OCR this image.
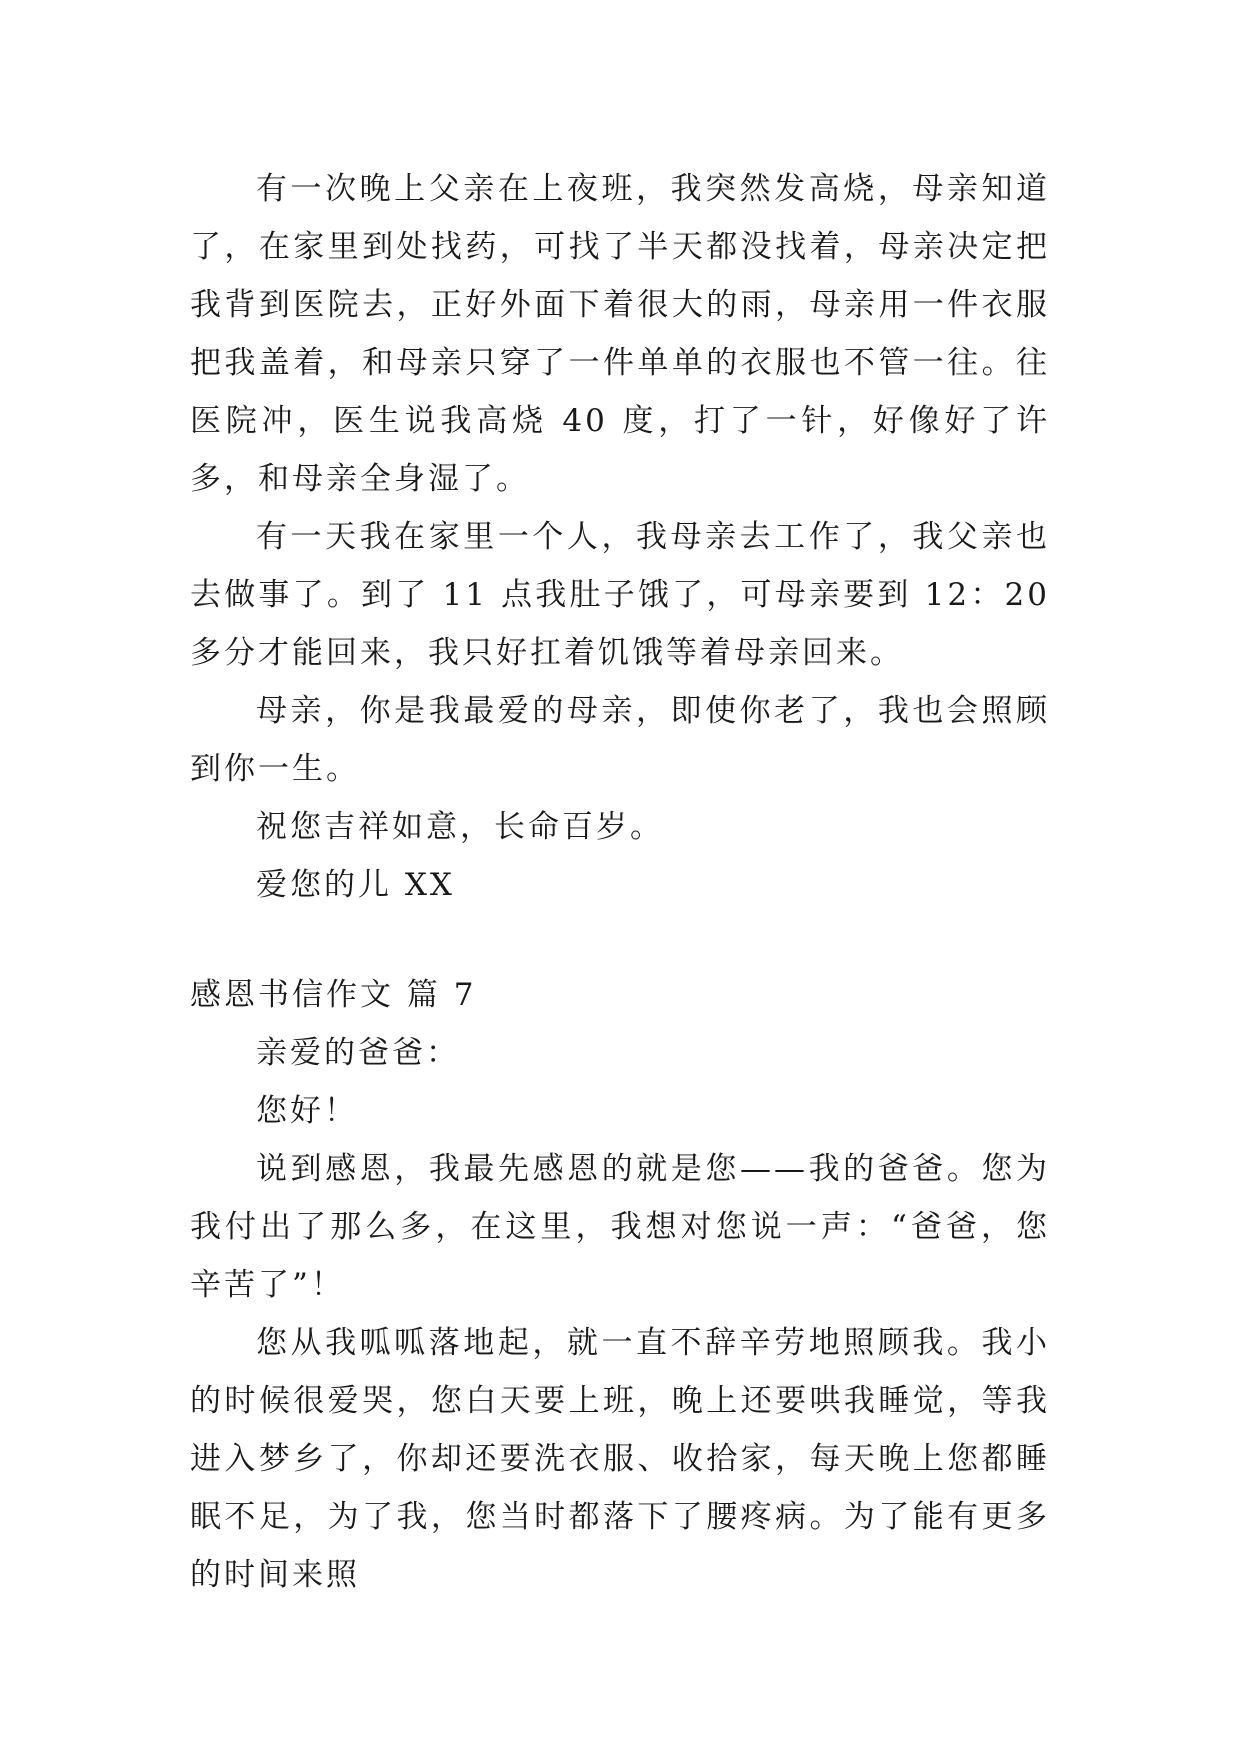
有一次晚上父亲在上夜班，我突然发高烧，母亲知道了，在家里到处找药，可找了半天都没找着，母亲决定把我背到医院去，正好外面下着很大的雨，母亲用一件衣服把我盖着，和母亲只穿了一件单单的衣服也不管一往。往医院冲，医生说我高烧 40 度，打了一针，好像好了许多，和母亲全身湿了。

有一天我在家里一个人，我母亲去工作了，我父亲也去做事了。到了 11 点我肚子饿了，可母亲要到 12：20 多分才能回来，我只好扛着饥饿等着母亲回来。

母亲，你是我最爱的母亲，即使你老了，我也会照顾到你一生。

祝您吉祥如意，长命百岁。

爱您的儿 XX

感恩书信作文 篇 7

亲爱的爸爸：

您好！

说到感恩，我最先感恩的就是您——我的爸爸。您为我付出了那么多，在这里，我想对您说一声：“爸爸，您辛苦了”！

您从我呱呱落地起，就一直不辞辛劳地照顾我。我小的时候很爱哭，您白天要上班，晚上还要哄我睡觉，等我进入梦乡了，你却还要洗衣服、收拾家，每天晚上您都睡眠不足，为了我，您当时都落下了腰疼病。为了能有更多的时间来照
